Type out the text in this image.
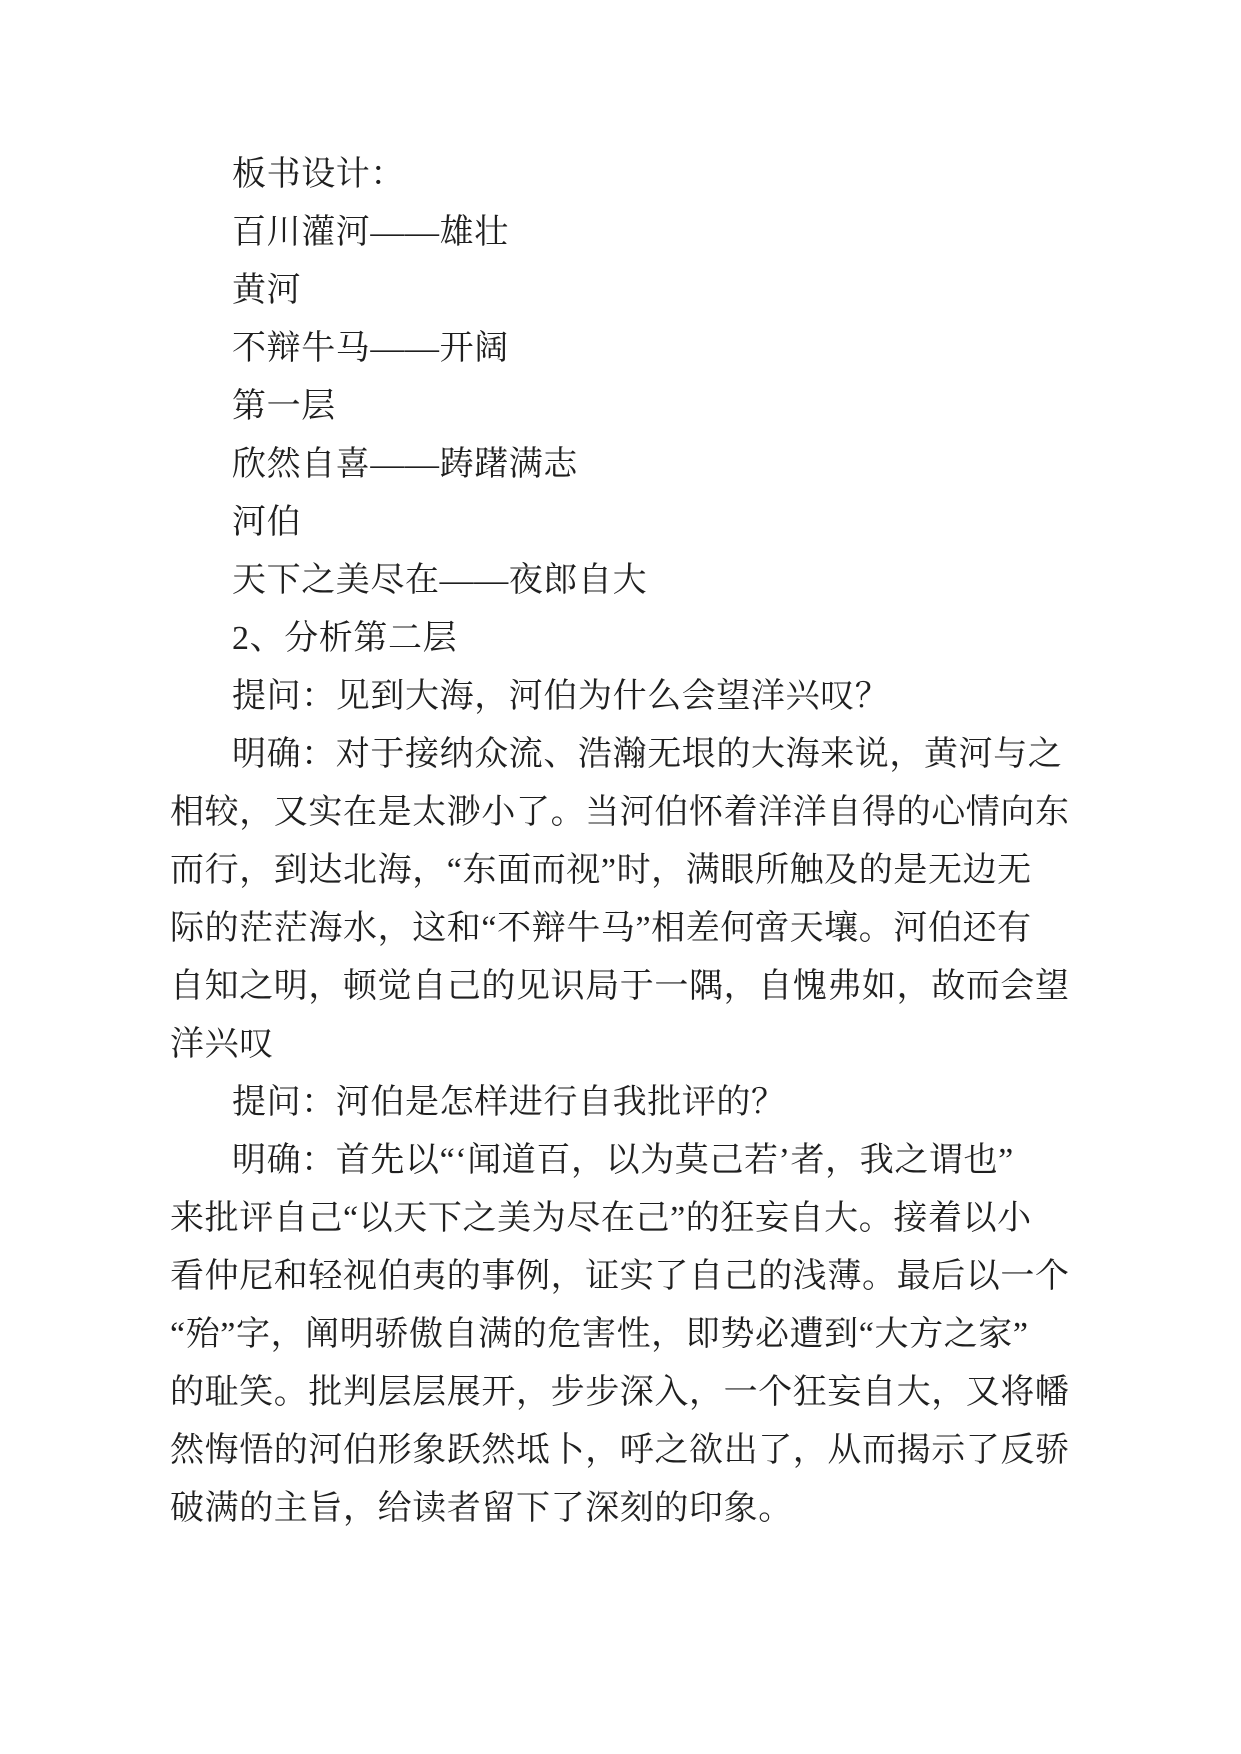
板书设计：
百川灌河——雄壮
黄河
不辩牛马——开阔
第一层
欣然自喜——踌躇满志
河伯
天下之美尽在——夜郎自大
2、分析第二层
提问：见到大海，河伯为什么会望洋兴叹？
明确：对于接纳众流、浩瀚无垠的大海来说，黄河与之
相较，又实在是太渺小了。当河伯怀着洋洋自得的心情向东
而行，到达北海，“东面而视”时，满眼所触及的是无边无
际的茫茫海水，这和“不辩牛马”相差何啻天壤。河伯还有
自知之明，顿觉自己的见识局于一隅，自愧弗如，故而会望
洋兴叹
提问：河伯是怎样进行自我批评的？
明确：首先以“‘闻道百，以为莫己若’者，我之谓也”
来批评自己“以天下之美为尽在己”的狂妄自大。接着以小
看仲尼和轻视伯夷的事例，证实了自己的浅薄。最后以一个
“殆”字，阐明骄傲自满的危害性，即势必遭到“大方之家”
的耻笑。批判层层展开，步步深入，一个狂妄自大，又将幡
然悔悟的河伯形象跃然坻卜，呼之欲出了，从而揭示了反骄
破满的主旨，给读者留下了深刻的印象。
